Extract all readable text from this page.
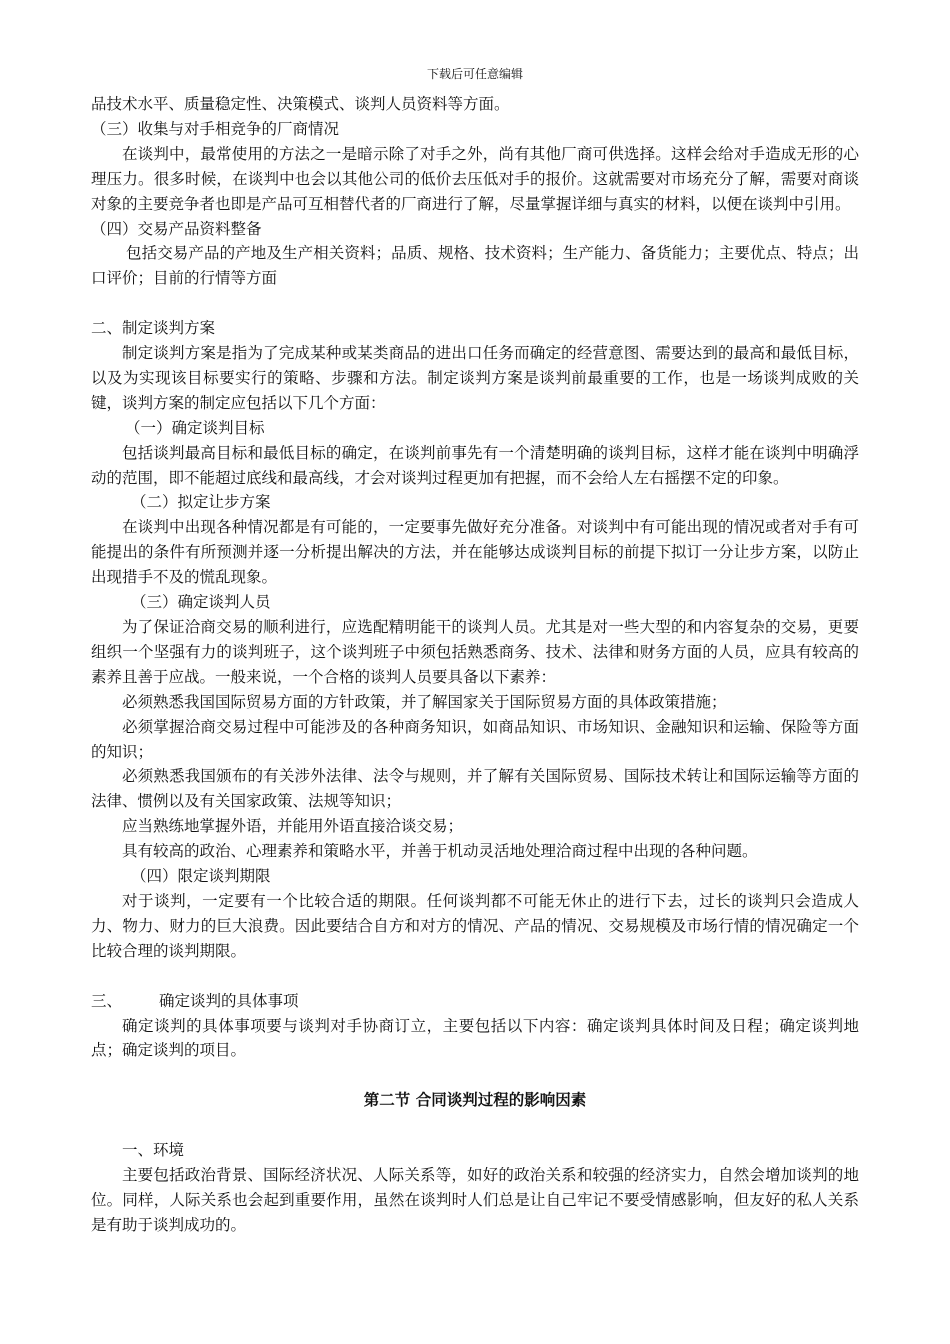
下载后可任意编辑

品技术水平、质量稳定性、决策模式、谈判人员资料等方面。

（三）收集与对手相竞争的厂商情况

在谈判中，最常使用的方法之一是暗示除了对手之外，尚有其他厂商可供选择。这样会给对手造成无形的心理压力。很多时候，在谈判中也会以其他公司的低价去压低对手的报价。这就需要对市场充分了解，需要对商谈对象的主要竞争者也即是产品可互相替代者的厂商进行了解，尽量掌握详细与真实的材料，以便在谈判中引用。

（四）交易产品资料整备

包括交易产品的产地及生产相关资料；品质、规格、技术资料；生产能力、备货能力；主要优点、特点；出口评价；目前的行情等方面

二、制定谈判方案

制定谈判方案是指为了完成某种或某类商品的进出口任务而确定的经营意图、需要达到的最高和最低目标，以及为实现该目标要实行的策略、步骤和方法。制定谈判方案是谈判前最重要的工作，也是一场谈判成败的关键，谈判方案的制定应包括以下几个方面：

（一）确定谈判目标

包括谈判最高目标和最低目标的确定，在谈判前事先有一个清楚明确的谈判目标，这样才能在谈判中明确浮动的范围，即不能超过底线和最高线，才会对谈判过程更加有把握，而不会给人左右摇摆不定的印象。

（二）拟定让步方案

在谈判中出现各种情况都是有可能的，一定要事先做好充分准备。对谈判中有可能出现的情况或者对手有可能提出的条件有所预测并逐一分析提出解决的方法，并在能够达成谈判目标的前提下拟订一分让步方案，以防止出现措手不及的慌乱现象。

（三）确定谈判人员

为了保证洽商交易的顺利进行，应选配精明能干的谈判人员。尤其是对一些大型的和内容复杂的交易，更要组织一个坚强有力的谈判班子，这个谈判班子中须包括熟悉商务、技术、法律和财务方面的人员，应具有较高的素养且善于应战。一般来说，一个合格的谈判人员要具备以下素养：

必须熟悉我国国际贸易方面的方针政策，并了解国家关于国际贸易方面的具体政策措施；

必须掌握洽商交易过程中可能涉及的各种商务知识，如商品知识、市场知识、金融知识和运输、保险等方面的知识；

必须熟悉我国颁布的有关涉外法律、法令与规则，并了解有关国际贸易、国际技术转让和国际运输等方面的法律、惯例以及有关国家政策、法规等知识；

应当熟练地掌握外语，并能用外语直接洽谈交易；

具有较高的政治、心理素养和策略水平，并善于机动灵活地处理洽商过程中出现的各种问题。

（四）限定谈判期限

对于谈判，一定要有一个比较合适的期限。任何谈判都不可能无休止的进行下去，过长的谈判只会造成人力、物力、财力的巨大浪费。因此要结合自方和对方的情况、产品的情况、交易规模及市场行情的情况确定一个比较合理的谈判期限。

三、	确定谈判的具体事项

确定谈判的具体事项要与谈判对手协商订立，主要包括以下内容：确定谈判具体时间及日程；确定谈判地点；确定谈判的项目。

第二节 合同谈判过程的影响因素

一、环境

主要包括政治背景、国际经济状况、人际关系等，如好的政治关系和较强的经济实力，自然会增加谈判的地位。同样，人际关系也会起到重要作用，虽然在谈判时人们总是让自己牢记不要受情感影响，但友好的私人关系是有助于谈判成功的。
